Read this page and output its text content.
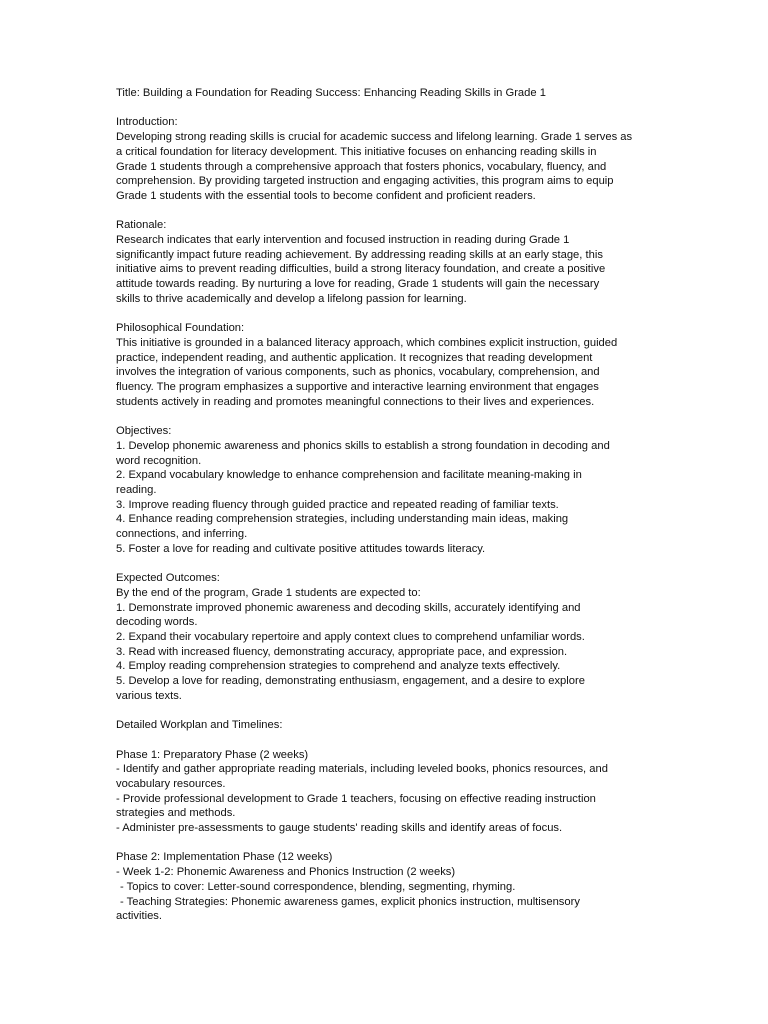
Title: Building a Foundation for Reading Success: Enhancing Reading Skills in Grade 1

Introduction:

Developing strong reading skills is crucial for academic success and lifelong learning. Grade 1 serves as

a critical foundation for literacy development. This initiative focuses on enhancing reading skills in

Grade 1 students through a comprehensive approach that fosters phonics, vocabulary, fluency, and

comprehension. By providing targeted instruction and engaging activities, this program aims to equip

Grade 1 students with the essential tools to become confident and proficient readers.

Rationale:

Research indicates that early intervention and focused instruction in reading during Grade 1

significantly impact future reading achievement. By addressing reading skills at an early stage, this

initiative aims to prevent reading difficulties, build a strong literacy foundation, and create a positive

attitude towards reading. By nurturing a love for reading, Grade 1 students will gain the necessary

skills to thrive academically and develop a lifelong passion for learning.

Philosophical Foundation:

This initiative is grounded in a balanced literacy approach, which combines explicit instruction, guided

practice, independent reading, and authentic application. It recognizes that reading development

involves the integration of various components, such as phonics, vocabulary, comprehension, and

fluency. The program emphasizes a supportive and interactive learning environment that engages

students actively in reading and promotes meaningful connections to their lives and experiences.

Objectives:

1. Develop phonemic awareness and phonics skills to establish a strong foundation in decoding and

word recognition.

2. Expand vocabulary knowledge to enhance comprehension and facilitate meaning-making in

reading.

3. Improve reading fluency through guided practice and repeated reading of familiar texts.

4. Enhance reading comprehension strategies, including understanding main ideas, making

connections, and inferring.

5. Foster a love for reading and cultivate positive attitudes towards literacy.

Expected Outcomes:

By the end of the program, Grade 1 students are expected to:

1. Demonstrate improved phonemic awareness and decoding skills, accurately identifying and

decoding words.

2. Expand their vocabulary repertoire and apply context clues to comprehend unfamiliar words.

3. Read with increased fluency, demonstrating accuracy, appropriate pace, and expression.

4. Employ reading comprehension strategies to comprehend and analyze texts effectively.

5. Develop a love for reading, demonstrating enthusiasm, engagement, and a desire to explore

various texts.

Detailed Workplan and Timelines:

Phase 1: Preparatory Phase (2 weeks)

- Identify and gather appropriate reading materials, including leveled books, phonics resources, and

vocabulary resources.

- Provide professional development to Grade 1 teachers, focusing on effective reading instruction

strategies and methods.

- Administer pre-assessments to gauge students' reading skills and identify areas of focus.

Phase 2: Implementation Phase (12 weeks)

- Week 1-2: Phonemic Awareness and Phonics Instruction (2 weeks)

- Topics to cover: Letter-sound correspondence, blending, segmenting, rhyming.

- Teaching Strategies: Phonemic awareness games, explicit phonics instruction, multisensory

activities.
